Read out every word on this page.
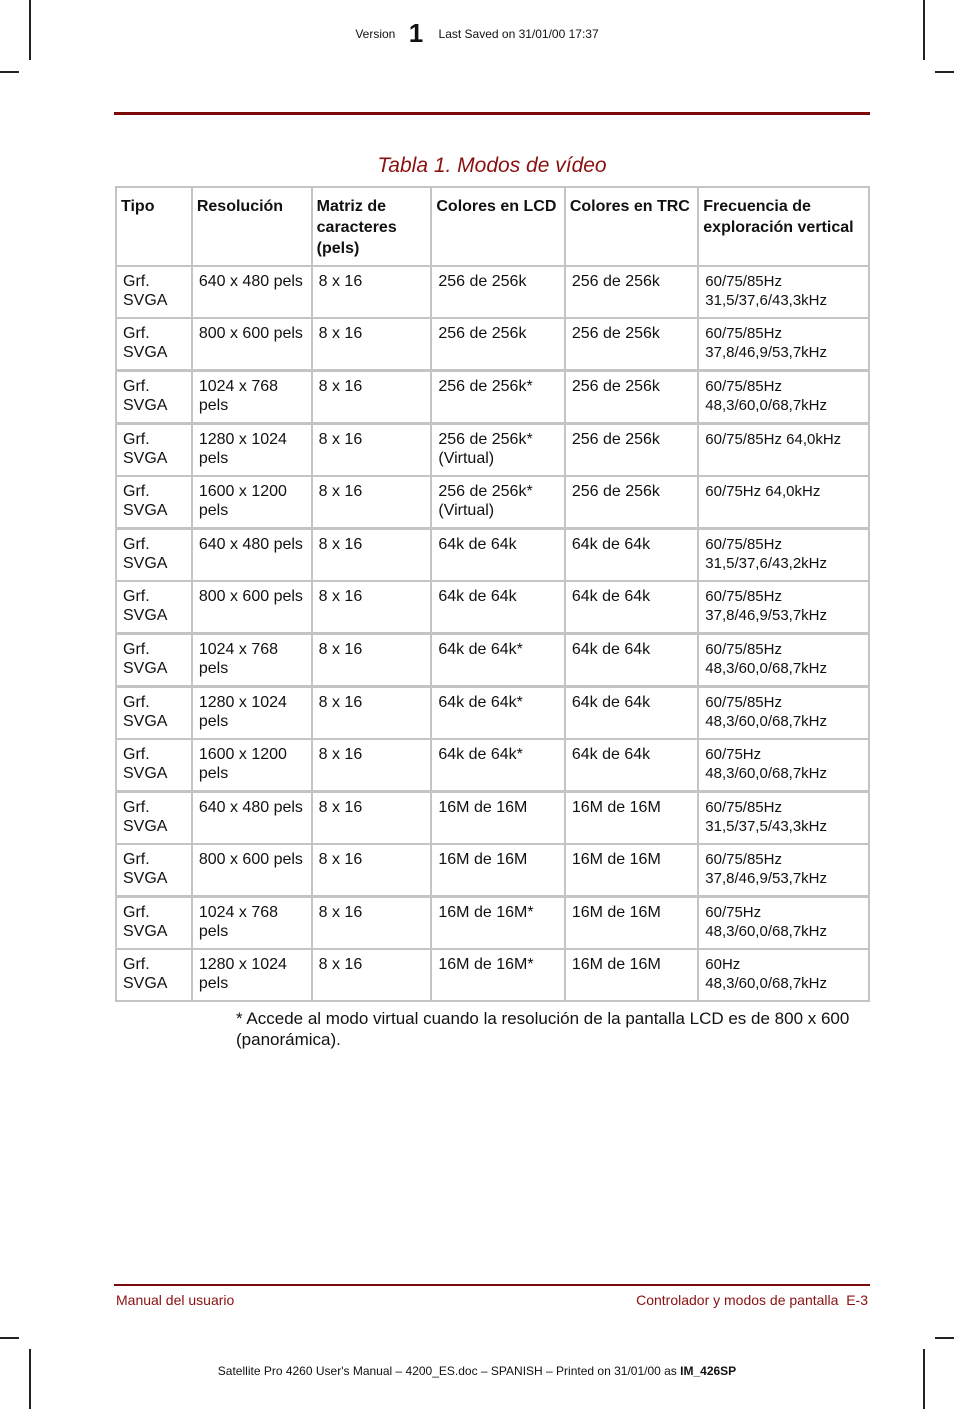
Version 1 Last Saved on 31/01/00 17:37
Tabla 1. Modos de vídeo
Tipo	Resolución	Matriz de caracteres (pels)	Colores en LCD	Colores en TRC	Frecuencia de exploración vertical
Grf. SVGA	640 x 480 pels	8 x 16	256 de 256k	256 de 256k	60/75/85Hz 31,5/37,6/43,3kHz
Grf. SVGA	800 x 600 pels	8 x 16	256 de 256k	256 de 256k	60/75/85Hz 37,8/46,9/53,7kHz
Grf. SVGA	1024 x 768 pels	8 x 16	256 de 256k*	256 de 256k	60/75/85Hz 48,3/60,0/68,7kHz
Grf. SVGA	1280 x 1024 pels	8 x 16	256 de 256k* (Virtual)	256 de 256k	60/75/85Hz 64,0kHz
Grf. SVGA	1600 x 1200 pels	8 x 16	256 de 256k* (Virtual)	256 de 256k	60/75Hz 64,0kHz
Grf. SVGA	640 x 480 pels	8 x 16	64k de 64k	64k de 64k	60/75/85Hz 31,5/37,6/43,2kHz
Grf. SVGA	800 x 600 pels	8 x 16	64k de 64k	64k de 64k	60/75/85Hz 37,8/46,9/53,7kHz
Grf. SVGA	1024 x 768 pels	8 x 16	64k de 64k*	64k de 64k	60/75/85Hz 48,3/60,0/68,7kHz
Grf. SVGA	1280 x 1024 pels	8 x 16	64k de 64k*	64k de 64k	60/75/85Hz 48,3/60,0/68,7kHz
Grf. SVGA	1600 x 1200 pels	8 x 16	64k de 64k*	64k de 64k	60/75Hz 48,3/60,0/68,7kHz
Grf. SVGA	640 x 480 pels	8 x 16	16M de 16M	16M de 16M	60/75/85Hz 31,5/37,5/43,3kHz
Grf. SVGA	800 x 600 pels	8 x 16	16M de 16M	16M de 16M	60/75/85Hz 37,8/46,9/53,7kHz
Grf. SVGA	1024 x 768 pels	8 x 16	16M de 16M*	16M de 16M	60/75Hz 48,3/60,0/68,7kHz
Grf. SVGA	1280 x 1024 pels	8 x 16	16M de 16M*	16M de 16M	60Hz 48,3/60,0/68,7kHz
* Accede al modo virtual cuando la resolución de la pantalla LCD es de 800 x 600 (panorámica).
Manual del usuario	Controlador y modos de pantalla  E-3
Satellite Pro 4260 User's Manual – 4200_ES.doc – SPANISH – Printed on 31/01/00 as IM_426SP
